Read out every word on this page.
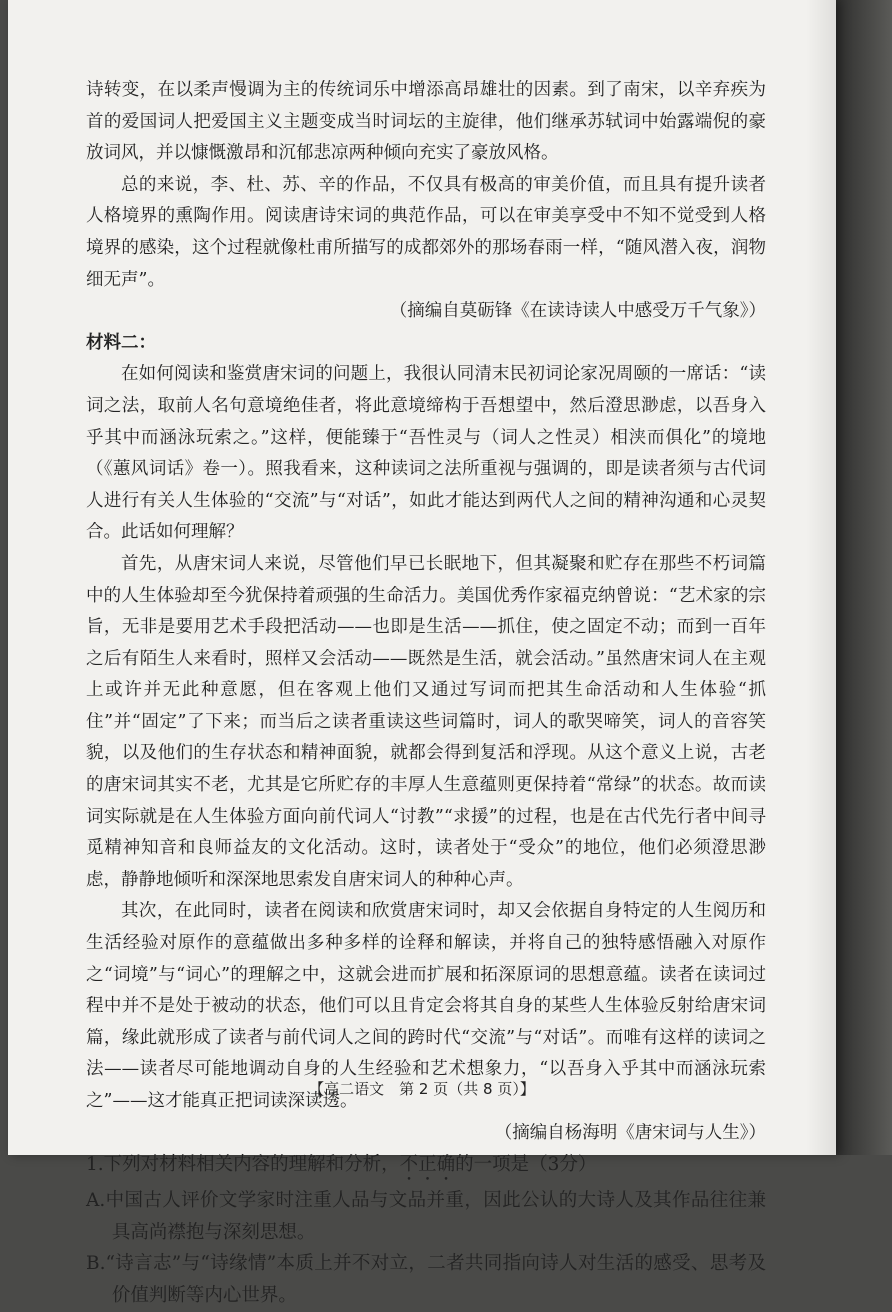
诗转变，在以柔声慢调为主的传统词乐中增添高昂雄壮的因素。到了南宋，以辛弃疾为首的爱国词人把爱国主义主题变成当时词坛的主旋律，他们继承苏轼词中始露端倪的豪放词风，并以慷慨激昂和沉郁悲凉两种倾向充实了豪放风格。

总的来说，李、杜、苏、辛的作品，不仅具有极高的审美价值，而且具有提升读者人格境界的熏陶作用。阅读唐诗宋词的典范作品，可以在审美享受中不知不觉受到人格境界的感染，这个过程就像杜甫所描写的成都郊外的那场春雨一样，“随风潜入夜，润物细无声”。

（摘编自莫砺锋《在读诗读人中感受万千气象》）

材料二：

在如何阅读和鉴赏唐宋词的问题上，我很认同清末民初词论家况周颐的一席话：“读词之法，取前人名句意境绝佳者，将此意境缔构于吾想望中，然后澄思渺虑，以吾身入乎其中而涵泳玩索之。”这样，便能臻于“吾性灵与（词人之性灵）相浃而俱化”的境地（《蕙风词话》卷一）。照我看来，这种读词之法所重视与强调的，即是读者须与古代词人进行有关人生体验的“交流”与“对话”，如此才能达到两代人之间的精神沟通和心灵契合。此话如何理解？

首先，从唐宋词人来说，尽管他们早已长眠地下，但其凝聚和贮存在那些不朽词篇中的人生体验却至今犹保持着顽强的生命活力。美国优秀作家福克纳曾说：“艺术家的宗旨，无非是要用艺术手段把活动——也即是生活——抓住，使之固定不动；而到一百年之后有陌生人来看时，照样又会活动——既然是生活，就会活动。”虽然唐宋词人在主观上或许并无此种意愿，但在客观上他们又通过写词而把其生命活动和人生体验“抓住”并“固定”了下来；而当后之读者重读这些词篇时，词人的歌哭啼笑，词人的音容笑貌，以及他们的生存状态和精神面貌，就都会得到复活和浮现。从这个意义上说，古老的唐宋词其实不老，尤其是它所贮存的丰厚人生意蕴则更保持着“常绿”的状态。故而读词实际就是在人生体验方面向前代词人“讨教”“求援”的过程，也是在古代先行者中间寻觅精神知音和良师益友的文化活动。这时，读者处于“受众”的地位，他们必须澄思渺虑，静静地倾听和深深地思索发自唐宋词人的种种心声。

其次，在此同时，读者在阅读和欣赏唐宋词时，却又会依据自身特定的人生阅历和生活经验对原作的意蕴做出多种多样的诠释和解读，并将自己的独特感悟融入对原作之“词境”与“词心”的理解之中，这就会进而扩展和拓深原词的思想意蕴。读者在读词过程中并不是处于被动的状态，他们可以且肯定会将其自身的某些人生体验反射给唐宋词篇，缘此就形成了读者与前代词人之间的跨时代“交流”与“对话”。而唯有这样的读词之法——读者尽可能地调动自身的人生经验和艺术想象力，“以吾身入乎其中而涵泳玩索之”——这才能真正把词读深读透。

（摘编自杨海明《唐宋词与人生》）

1.下列对材料相关内容的理解和分析，不正确的一项是（3分）

A.中国古人评价文学家时注重人品与文品并重，因此公认的大诗人及其作品往往兼具高尚襟抱与深刻思想。

B.“诗言志”与“诗缘情”本质上并不对立，二者共同指向诗人对生活的感受、思考及价值判断等内心世界。

【高二语文　第 2 页（共 8 页）】
